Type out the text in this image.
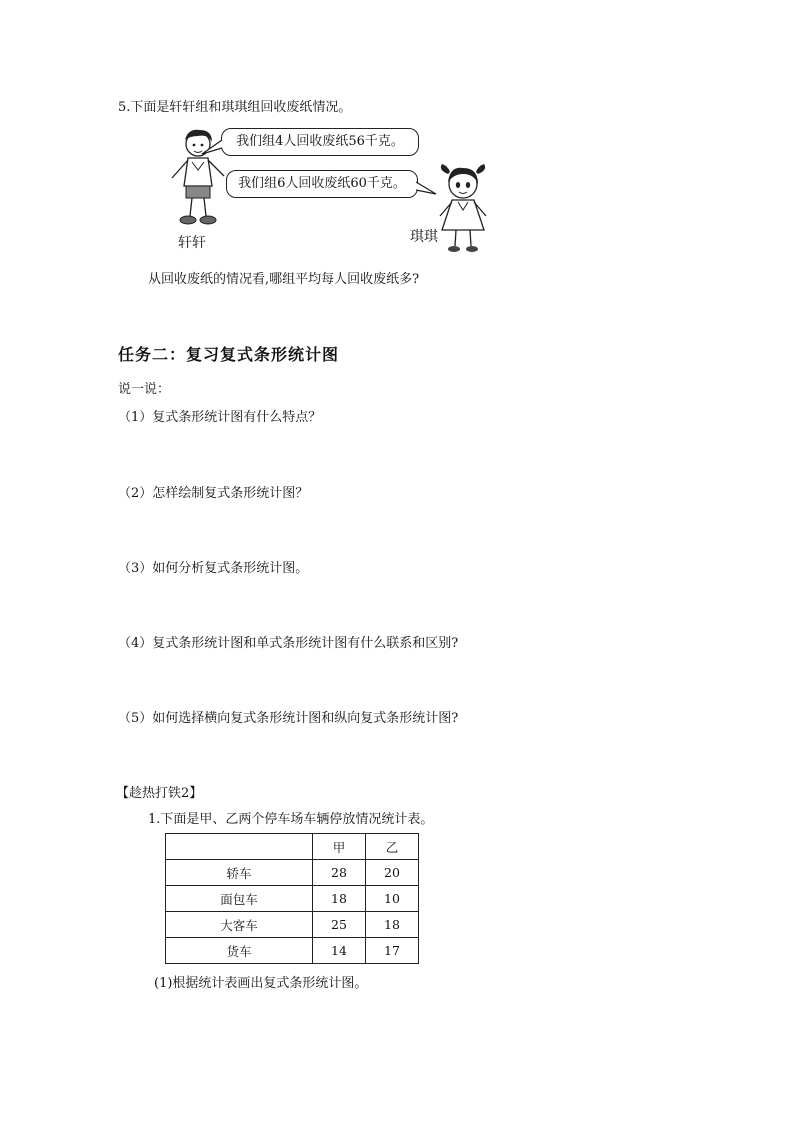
5.下面是轩轩组和琪琪组回收废纸情况。
我们组4人回收废纸56千克。
我们组6人回收废纸60千克。
轩轩	琪琪
从回收废纸的情况看,哪组平均每人回收废纸多?
任务二：复习复式条形统计图
说一说：
（1）复式条形统计图有什么特点？
（2）怎样绘制复式条形统计图？
（3）如何分析复式条形统计图。
（4）复式条形统计图和单式条形统计图有什么联系和区别?
（5）如何选择横向复式条形统计图和纵向复式条形统计图?
【趁热打铁2】
1.下面是甲、乙两个停车场车辆停放情况统计表。
	甲	乙
轿车	28	20
面包车	18	10
大客车	25	18
货车	14	17
(1)根据统计表画出复式条形统计图。
